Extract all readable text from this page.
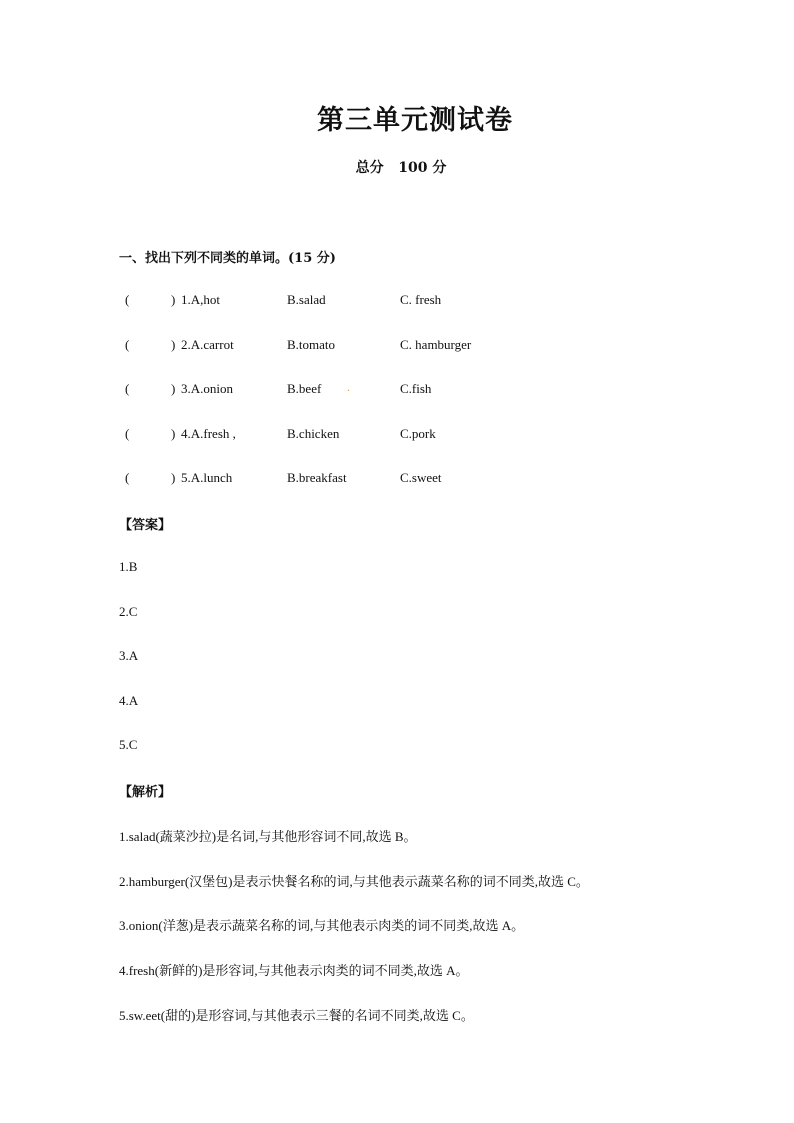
第三单元测试卷
总分 100 分
一、找出下列不同类的单词。(15 分)
(	) 1.A,hot	B.salad	C. fresh
(	) 2.A.carrot	B.tomato	C. hamburger
(	) 3.A.onion	B.beef .	C.fish
(	) 4.A.fresh ,	B.chicken	C.pork
(	) 5.A.lunch	B.breakfast	C.sweet
【答案】
1.B
2.C
3.A
4.A
5.C
【解析】
1.salad(蔬菜沙拉)是名词,与其他形容词不同,故选 B。
2.hamburger(汉堡包)是表示快餐名称的词,与其他表示蔬菜名称的词不同类,故选 C。
3.onion(洋葱)是表示蔬菜名称的词,与其他表示肉类的词不同类,故选 A。
4.fresh(新鲜的)是形容词,与其他表示肉类的词不同类,故选 A。
5.sw.eet(甜的)是形容词,与其他表示三餐的名词不同类,故选 C。
